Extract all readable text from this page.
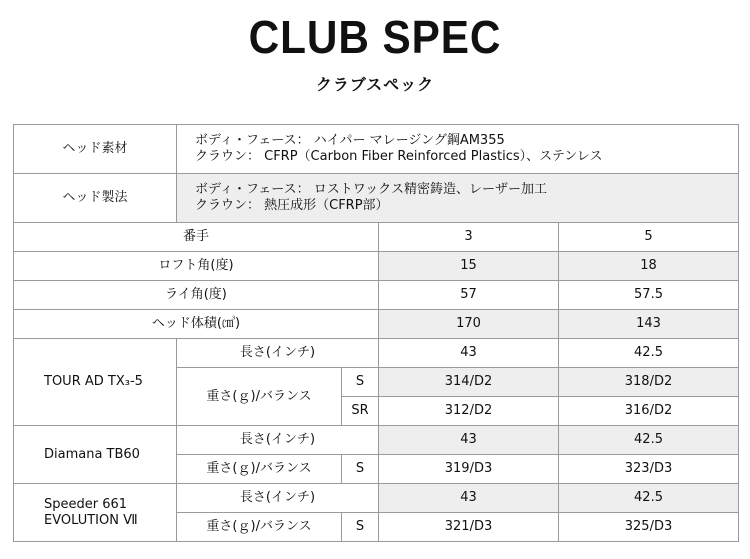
CLUB SPEC
クラブスペック
ヘッド素材	ボディ・フェース： ハイパー マレージング鋼AM355
クラウン： CFRP（Carbon Fiber Reinforced Plastics）、ステンレス			

ヘッド製法	ボディ・フェース： ロストワックス精密鋳造、レーザー加工
クラウン： 熱圧成形（CFRP部）			

番手			3	5
ロフト角(度)			15	18
ライ角(度)			57	57.5
ヘッド体積(㎤)			170	143
TOUR AD TX₃-5	長さ(インチ)		43	42.5
	重さ(ｇ)/バランス	S	314/D2	318/D2
		SR	312/D2	316/D2
Diamana TB60	長さ(インチ)		43	42.5
	重さ(ｇ)/バランス	S	319/D3	323/D3

Speeder 661
EVOLUTION Ⅶ	長さ(インチ)		43	42.5
	重さ(ｇ)/バランス	S	321/D3	325/D3
